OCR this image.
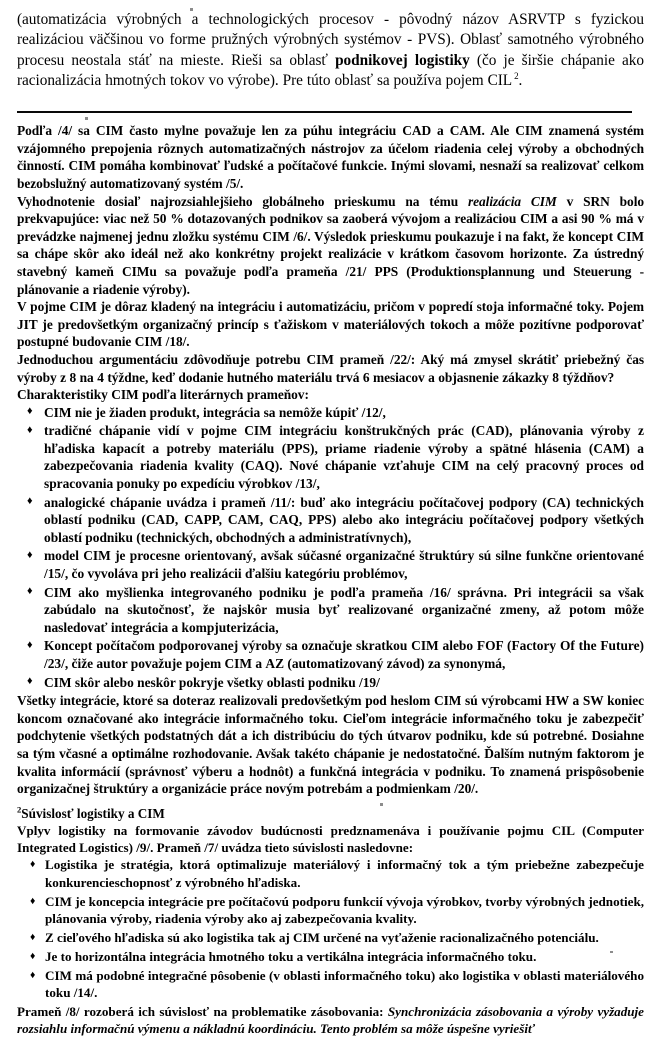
(automatizácia výrobných a technologických procesov - pôvodný názov ASRVTP s fyzickou realizáciou väčšinou vo forme pružných výrobných systémov - PVS). Oblasť samotného výrobného procesu neostala stáť na mieste. Rieši sa oblasť podnikovej logistiky (čo je širšie chápanie ako racionalizácia hmotných tokov vo výrobe). Pre túto oblasť sa používa pojem CIL $^2$.

Podľa /4/ sa CIM často mylne považuje len za púhu integráciu CAD a CAM. Ale CIM znamená systém vzájomného prepojenia rôznych automatizačných nástrojov za účelom riadenia celej výroby a obchodných činností. CIM pomáha kombinovať ľudské a počítačové funkcie. Inými slovami, nesnaží sa realizovať celkom bezobslužný automatizovaný systém /5/.

Vyhodnotenie dosiaľ najrozsiahlejšieho globálneho prieskumu na tému realizácia CIM v SRN bolo prekvapujúce: viac než 50 % dotazovaných podnikov sa zaoberá vývojom a realizáciou CIM a asi 90 % má v prevádzke najmenej jednu zložku systému CIM /6/. Výsledok prieskumu poukazuje i na fakt, že koncept CIM sa chápe skôr ako ideál než ako konkrétny projekt realizácie v krátkom časovom horizonte. Za ústredný stavebný kameň CIMu sa považuje podľa prameňa /21/ PPS (Produktionsplannung und Steuerung - plánovanie a riadenie výroby).

V pojme CIM je dôraz kladený na integráciu i automatizáciu, pričom v popredí stoja informačné toky. Pojem JIT je predovšetkým organizačný princíp s ťažiskom v materiálových tokoch a môže pozitívne podporovať postupné budovanie CIM /18/.

Jednoduchou argumentáciu zdôvodňuje potrebu CIM prameň /22/: Aký má zmysel skrátiť priebežný čas výroby z 8 na 4 týždne, keď dodanie hutného materiálu trvá 6 mesiacov a objasnenie zákazky 8 týždňov?

Charakteristiky CIM podľa literárnych prameňov:

♦ CIM nie je žiaden produkt, integrácia sa nemôže kúpiť /12/,
♦ tradičné chápanie vidí v pojme CIM integráciu konštrukčných prác (CAD), plánovania výroby z hľadiska kapacít a potreby materiálu (PPS), priame riadenie výroby a spätné hlásenia (CAM) a zabezpečovania riadenia kvality (CAQ). Nové chápanie vzťahuje CIM na celý pracovný proces od spracovania ponuky po expedíciu výrobkov /13/,
♦ analogické chápanie uvádza i prameň /11/: buď ako integráciu počítačovej podpory (CA) technických oblastí podniku (CAD, CAPP, CAM, CAQ, PPS) alebo ako integráciu počítačovej podpory všetkých oblastí podniku (technických, obchodných a administratívnych),
♦ model CIM je procesne orientovaný, avšak súčasné organizačné štruktúry sú silne funkčne orientované /15/, čo vyvoláva pri jeho realizácii ďalšiu kategóriu problémov,
♦ CIM ako myšlienka integrovaného podniku je podľa prameňa /16/ správna. Pri integrácii sa však zabúdalo na skutočnosť, že najskôr musia byť realizované organizačné zmeny, až potom môže nasledovať integrácia a kompjuterizácia,
♦ Koncept počítačom podporovanej výroby sa označuje skratkou CIM alebo FOF (Factory Of the Future) /23/, čiže autor považuje pojem CIM a AZ (automatizovaný závod) za synonymá,
♦ CIM skôr alebo neskôr pokryje všetky oblasti podniku /19/

Všetky integrácie, ktoré sa doteraz realizovali predovšetkým pod heslom CIM sú výrobcami HW a SW koniec koncom označované ako integrácie informačného toku. Cieľom integrácie informačného toku je zabezpečiť podchytenie všetkých podstatných dát a ich distribúciu do tých útvarov podniku, kde sú potrebné. Dosiahne sa tým včasné a optimálne rozhodovanie. Avšak takéto chápanie je nedostatočné. Ďalším nutným faktorom je kvalita informácií (správnosť výberu a hodnôt) a funkčná integrácia v podniku. To znamená prispôsobenie organizačnej štruktúry a organizácie práce novým potrebám a podmienkam /20/.

$^2$Súvislosť logistiky a CIM

Vplyv logistiky na formovanie závodov budúcnosti predznamenáva i používanie pojmu CIL (Computer Integrated Logistics) /9/. Prameň /7/ uvádza tieto súvislosti nasledovne:

♦ Logistika je stratégia, ktorá optimalizuje materiálový i informačný tok a tým priebežne zabezpečuje konkurencieschopnosť z výrobného hľadiska.
♦ CIM je koncepcia integrácie pre počítačovú podporu funkcií vývoja výrobkov, tvorby výrobných jednotiek, plánovania výroby, riadenia výroby ako aj zabezpečovania kvality.
♦ Z cieľového hľadiska sú ako logistika tak aj CIM určené na vyťaženie racionalizačného potenciálu.
♦ Je to horizontálna integrácia hmotného toku a vertikálna integrácia informačného toku.
♦ CIM má podobné integračné pôsobenie (v oblasti informačného toku) ako logistika v oblasti materiálového toku /14/.

Prameň /8/ rozoberá ich súvislosť na problematike zásobovania: Synchronizácia zásobovania a výroby vyžaduje rozsiahlu informačnú výmenu a nákladnú koordináciu. Tento problém sa môže úspešne vyriešiť
